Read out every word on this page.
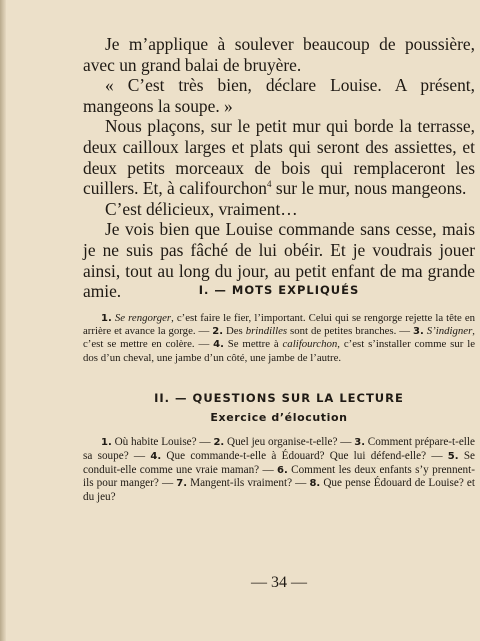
Je m’applique à soulever beaucoup de poussière, avec un grand balai de bruyère.

« C’est très bien, déclare Louise. A présent, mangeons la soupe. »

Nous plaçons, sur le petit mur qui borde la terrasse, deux cailloux larges et plats qui seront des assiettes, et deux petits morceaux de bois qui remplaceront les cuillers. Et, à califourchon$^4$ sur le mur, nous mangeons.

C’est délicieux, vraiment…

Je vois bien que Louise commande sans cesse, mais je ne suis pas fâché de lui obéir. Et je voudrais jouer ainsi, tout au long du jour, au petit enfant de ma grande amie.	I. — MOTS EXPLIQUÉS

1. Se rengorger, c’est faire le fier, l’important. Celui qui se rengorge rejette la tête en arrière et avance la gorge. — 2. Des brindilles sont de petites branches. — 3. S’indigner, c’est se mettre en colère. — 4. Se mettre à califourchon, c’est s’installer comme sur le dos d’un cheval, une jambe d’un côté, une jambe de l’autre.

II. — QUESTIONS SUR LA LECTURE
Exercice d’élocution

1. Où habite Louise? — 2. Quel jeu organise-t-elle? — 3. Comment prépare-t-elle sa soupe? — 4. Que commande-t-elle à Édouard? Que lui défend-elle? — 5. Se conduit-elle comme une vraie maman? — 6. Comment les deux enfants s’y prennent-ils pour manger? — 7. Mangent-ils vraiment? — 8. Que pense Édouard de Louise? et du jeu?

— 34 —
